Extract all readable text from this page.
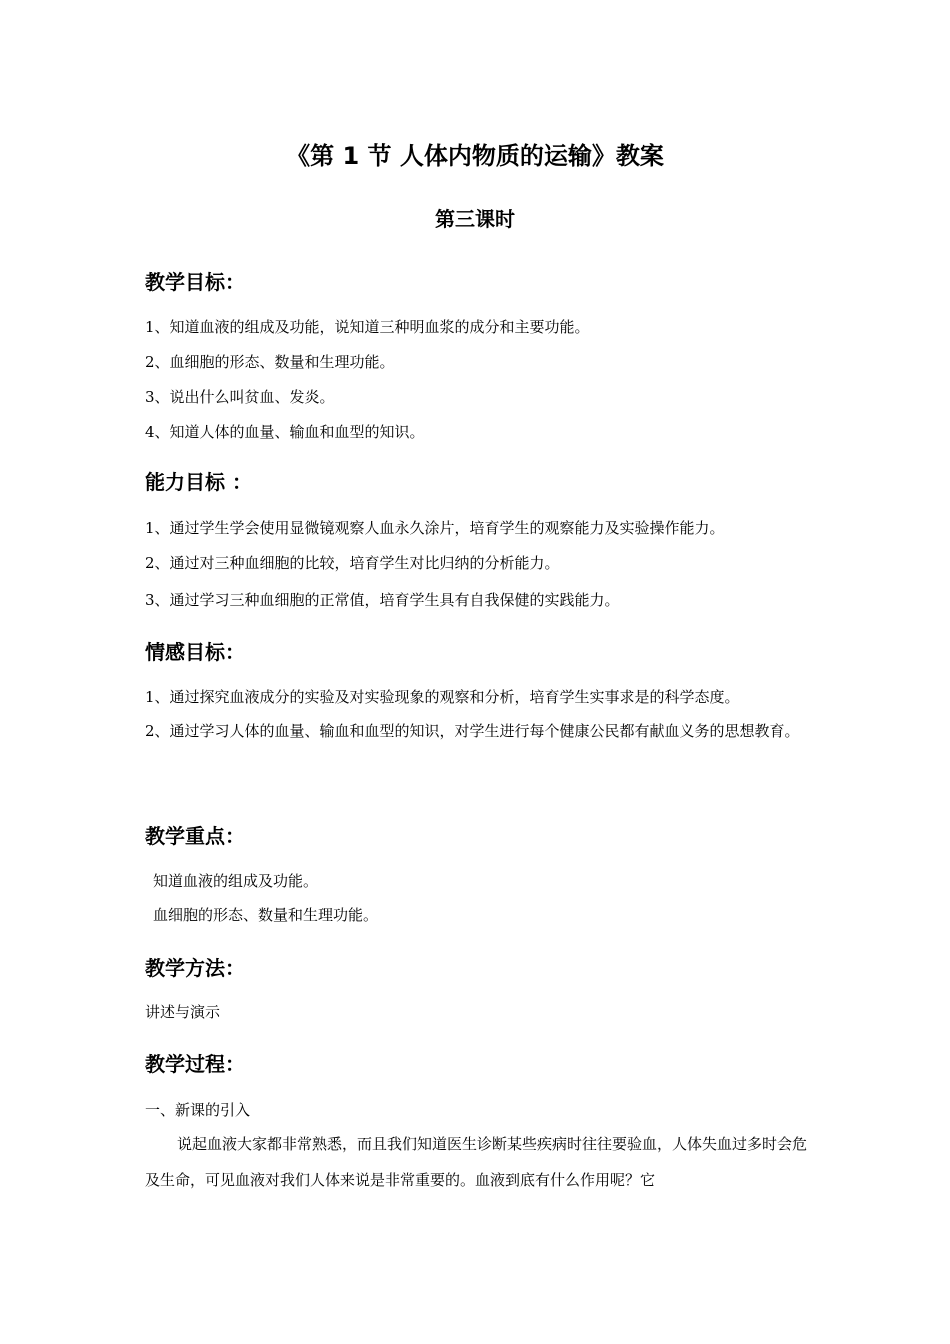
《第 1 节 人体内物质的运输》教案
第三课时
教学目标：

1、知道血液的组成及功能，说知道三种明血浆的成分和主要功能。

2、血细胞的形态、数量和生理功能。

3、说出什么叫贫血、发炎。

4、知道人体的血量、输血和血型的知识。

能力目标 ：

1、通过学生学会使用显微镜观察人血永久涂片，培育学生的观察能力及实验操作能力。

2、通过对三种血细胞的比较，培育学生对比归纳的分析能力。

3、通过学习三种血细胞的正常值，培育学生具有自我保健的实践能力。

情感目标：

1、通过探究血液成分的实验及对实验现象的观察和分析，培育学生实事求是的科学态度。

2、通过学习人体的血量、输血和血型的知识，对学生进行每个健康公民都有献血义务的思想教育。

教学重点：

知道血液的组成及功能。

血细胞的形态、数量和生理功能。

教学方法：

讲述与演示

教学过程：

一、新课的引入

说起血液大家都非常熟悉，而且我们知道医生诊断某些疾病时往往要验血，人体失血过多时会危及生命，可见血液对我们人体来说是非常重要的。血液到底有什么作用呢？它
